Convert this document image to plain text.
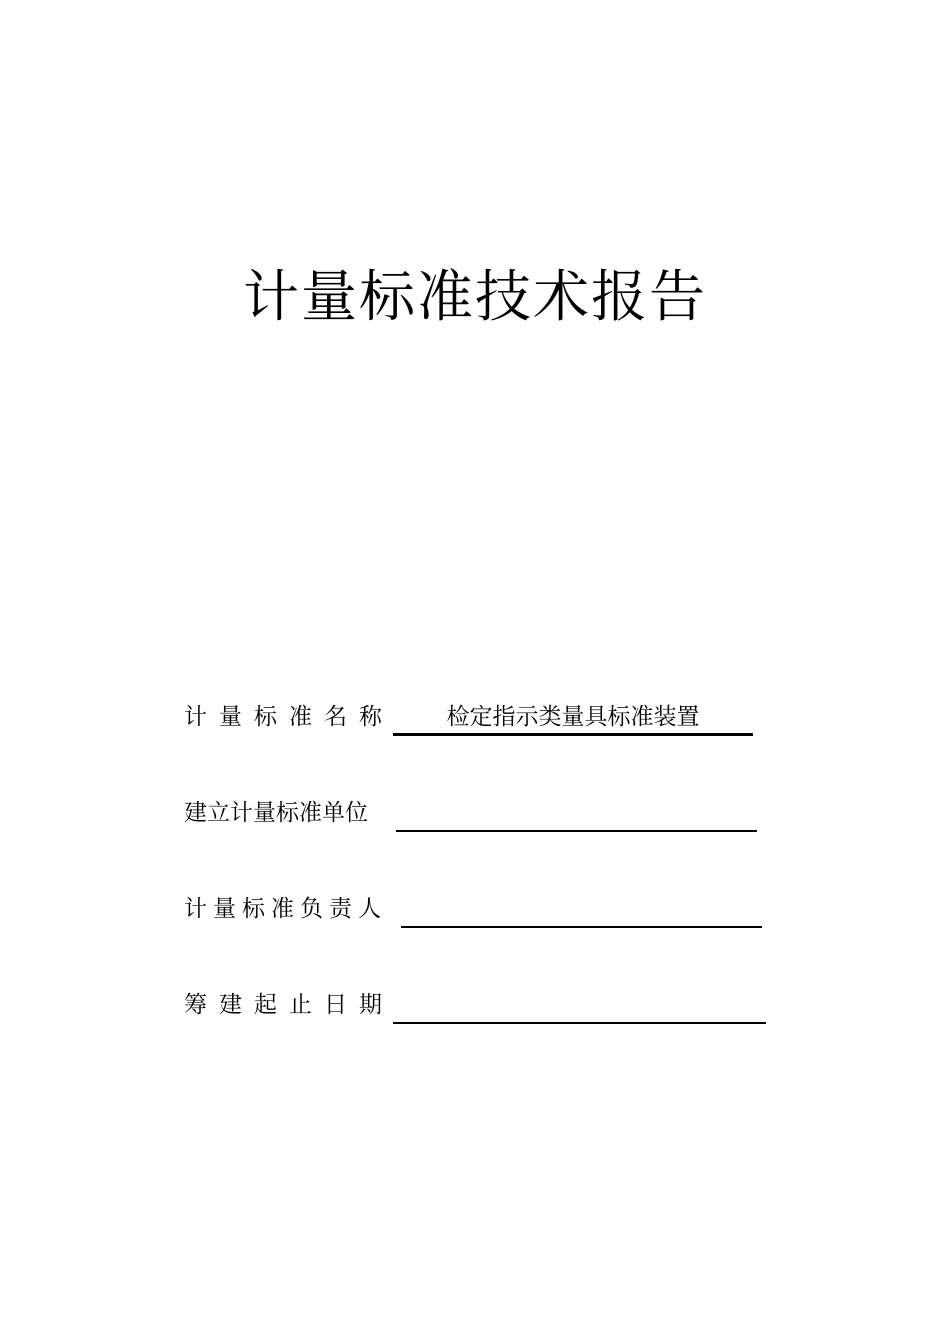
计量标准技术报告
计量标准名称	检定指示类量具标准装置
建立计量标准单位
计量标准负责人
筹建起止日期
